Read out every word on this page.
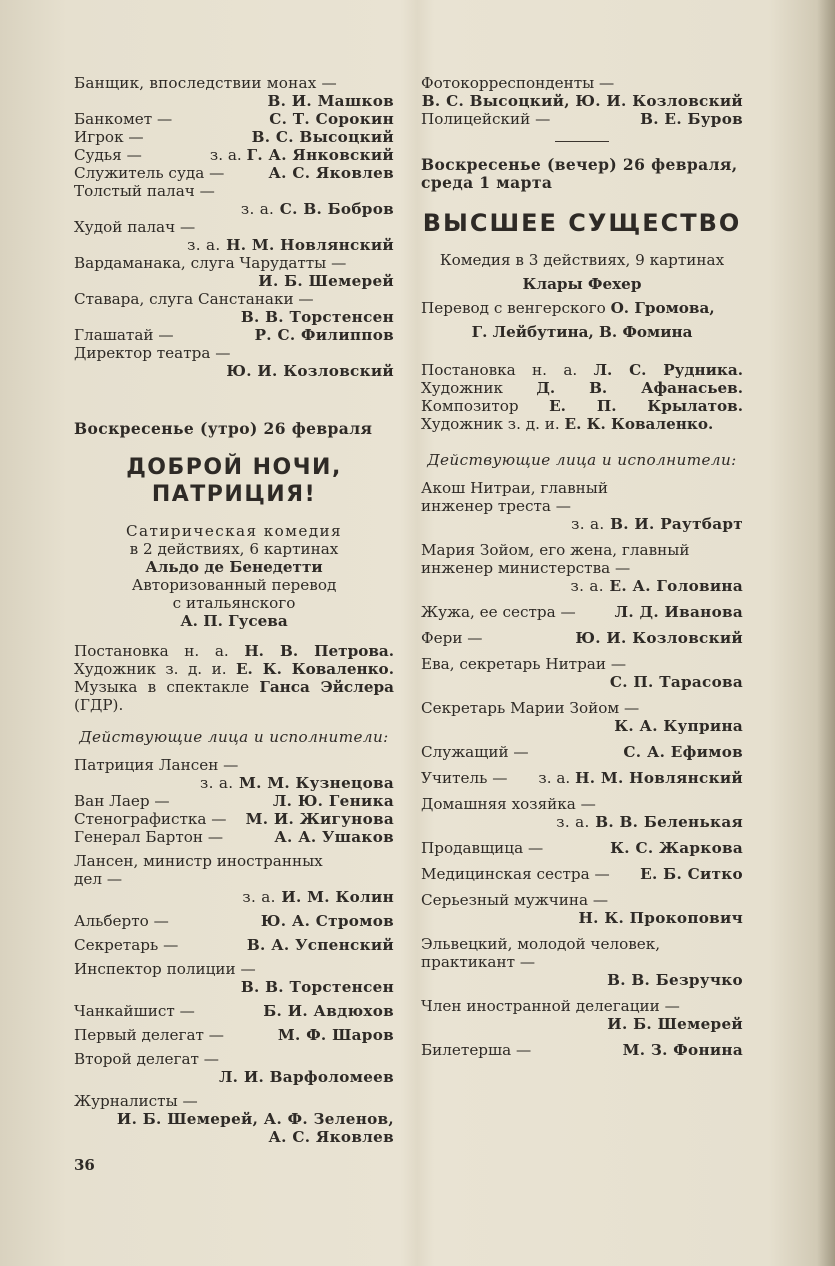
Банщик, впоследствии монах —
В. И. Машков
Банкомет —	С. Т. Сорокин
Игрок —	В. С. Высоцкий
Судья —	з. а. Г. А. Янковский
Служитель суда —	А. С. Яковлев
Толстый палач —
з. а. С. В. Бобров
Худой палач —
з. а. Н. М. Новлянский
Вардаманака, слуга Чарудатты —
И. Б. Шемерей
Ставара, слуга Санстанаки —
В. В. Торстенсен
Глашатай —	Р. С. Филиппов
Директор театра —
Ю. И. Козловский
Воскресенье (утро) 26 февраля
ДОБРОЙ НОЧИ,
ПАТРИЦИЯ!
Сатирическая комедия
в 2 действиях, 6 картинах
Альдо де Бенедетти
Авторизованный перевод
с итальянского
А. П. Гусева
Постановка н. а. Н. В. Петрова. Художник з. д. и. Е. К. Коваленко. Музыка в спектакле Ганса Эйслера (ГДР).
Действующие лица и исполнители:
Патриция Лансен —
з. а. М. М. Кузнецова
Ван Лаер —	Л. Ю. Геника
Стенографистка — М. И. Жигунова
Генерал Бартон —	А. А. Ушаков
Лансен, министр иностранных дел —
з. а. И. М. Колин
Альберто —	Ю. А. Стромов
Секретарь —	В. А. Успенский
Инспектор полиции —
В. В. Торстенсен
Чанкайшист —	Б. И. Авдюхов
Первый делегат —	М. Ф. Шаров
Второй делегат —
Л. И. Варфоломеев
Журналисты —
И. Б. Шемерей, А. Ф. Зеленов,
А. С. Яковлев
Фотокорреспонденты —
В. С. Высоцкий, Ю. И. Козловский
Полицейский —	В. Е. Буров
Воскресенье (вечер) 26 февраля,
среда 1 марта
ВЫСШЕЕ СУЩЕСТВО
Комедия в 3 действиях, 9 картинах
Клары Фехер
Перевод с венгерского О. Громова,
Г. Лейбутина, В. Фомина
Постановка н. а. Л. С. Рудника. Художник Д. В. Афанасьев. Композитор Е. П. Крылатов. Художник з. д. и. Е. К. Коваленко.
Действующие лица и исполнители:
Акош Нитраи, главный инженер треста —
з. а. В. И. Раутбарт
Мария Зойом, его жена, главный инженер министерства —
з. а. Е. А. Головина
Жужа, ее сестра —	Л. Д. Иванова
Фери —	Ю. И. Козловский
Ева, секретарь Нитраи —
С. П. Тарасова
Секретарь Марии Зойом —
К. А. Куприна
Служащий —	С. А. Ефимов
Учитель — з. а. Н. М. Новлянский
Домашняя хозяйка —
з. а. В. В. Беленькая
Продавщица —	К. С. Жаркова
Медицинская сестра — Е. Б. Ситко
Серьезный мужчина —
Н. К. Прокопович
Эльвецкий, молодой человек, практикант —
В. В. Безручко
Член иностранной делегации —
И. Б. Шемерей
Билетерша —	М. З. Фонина
36
